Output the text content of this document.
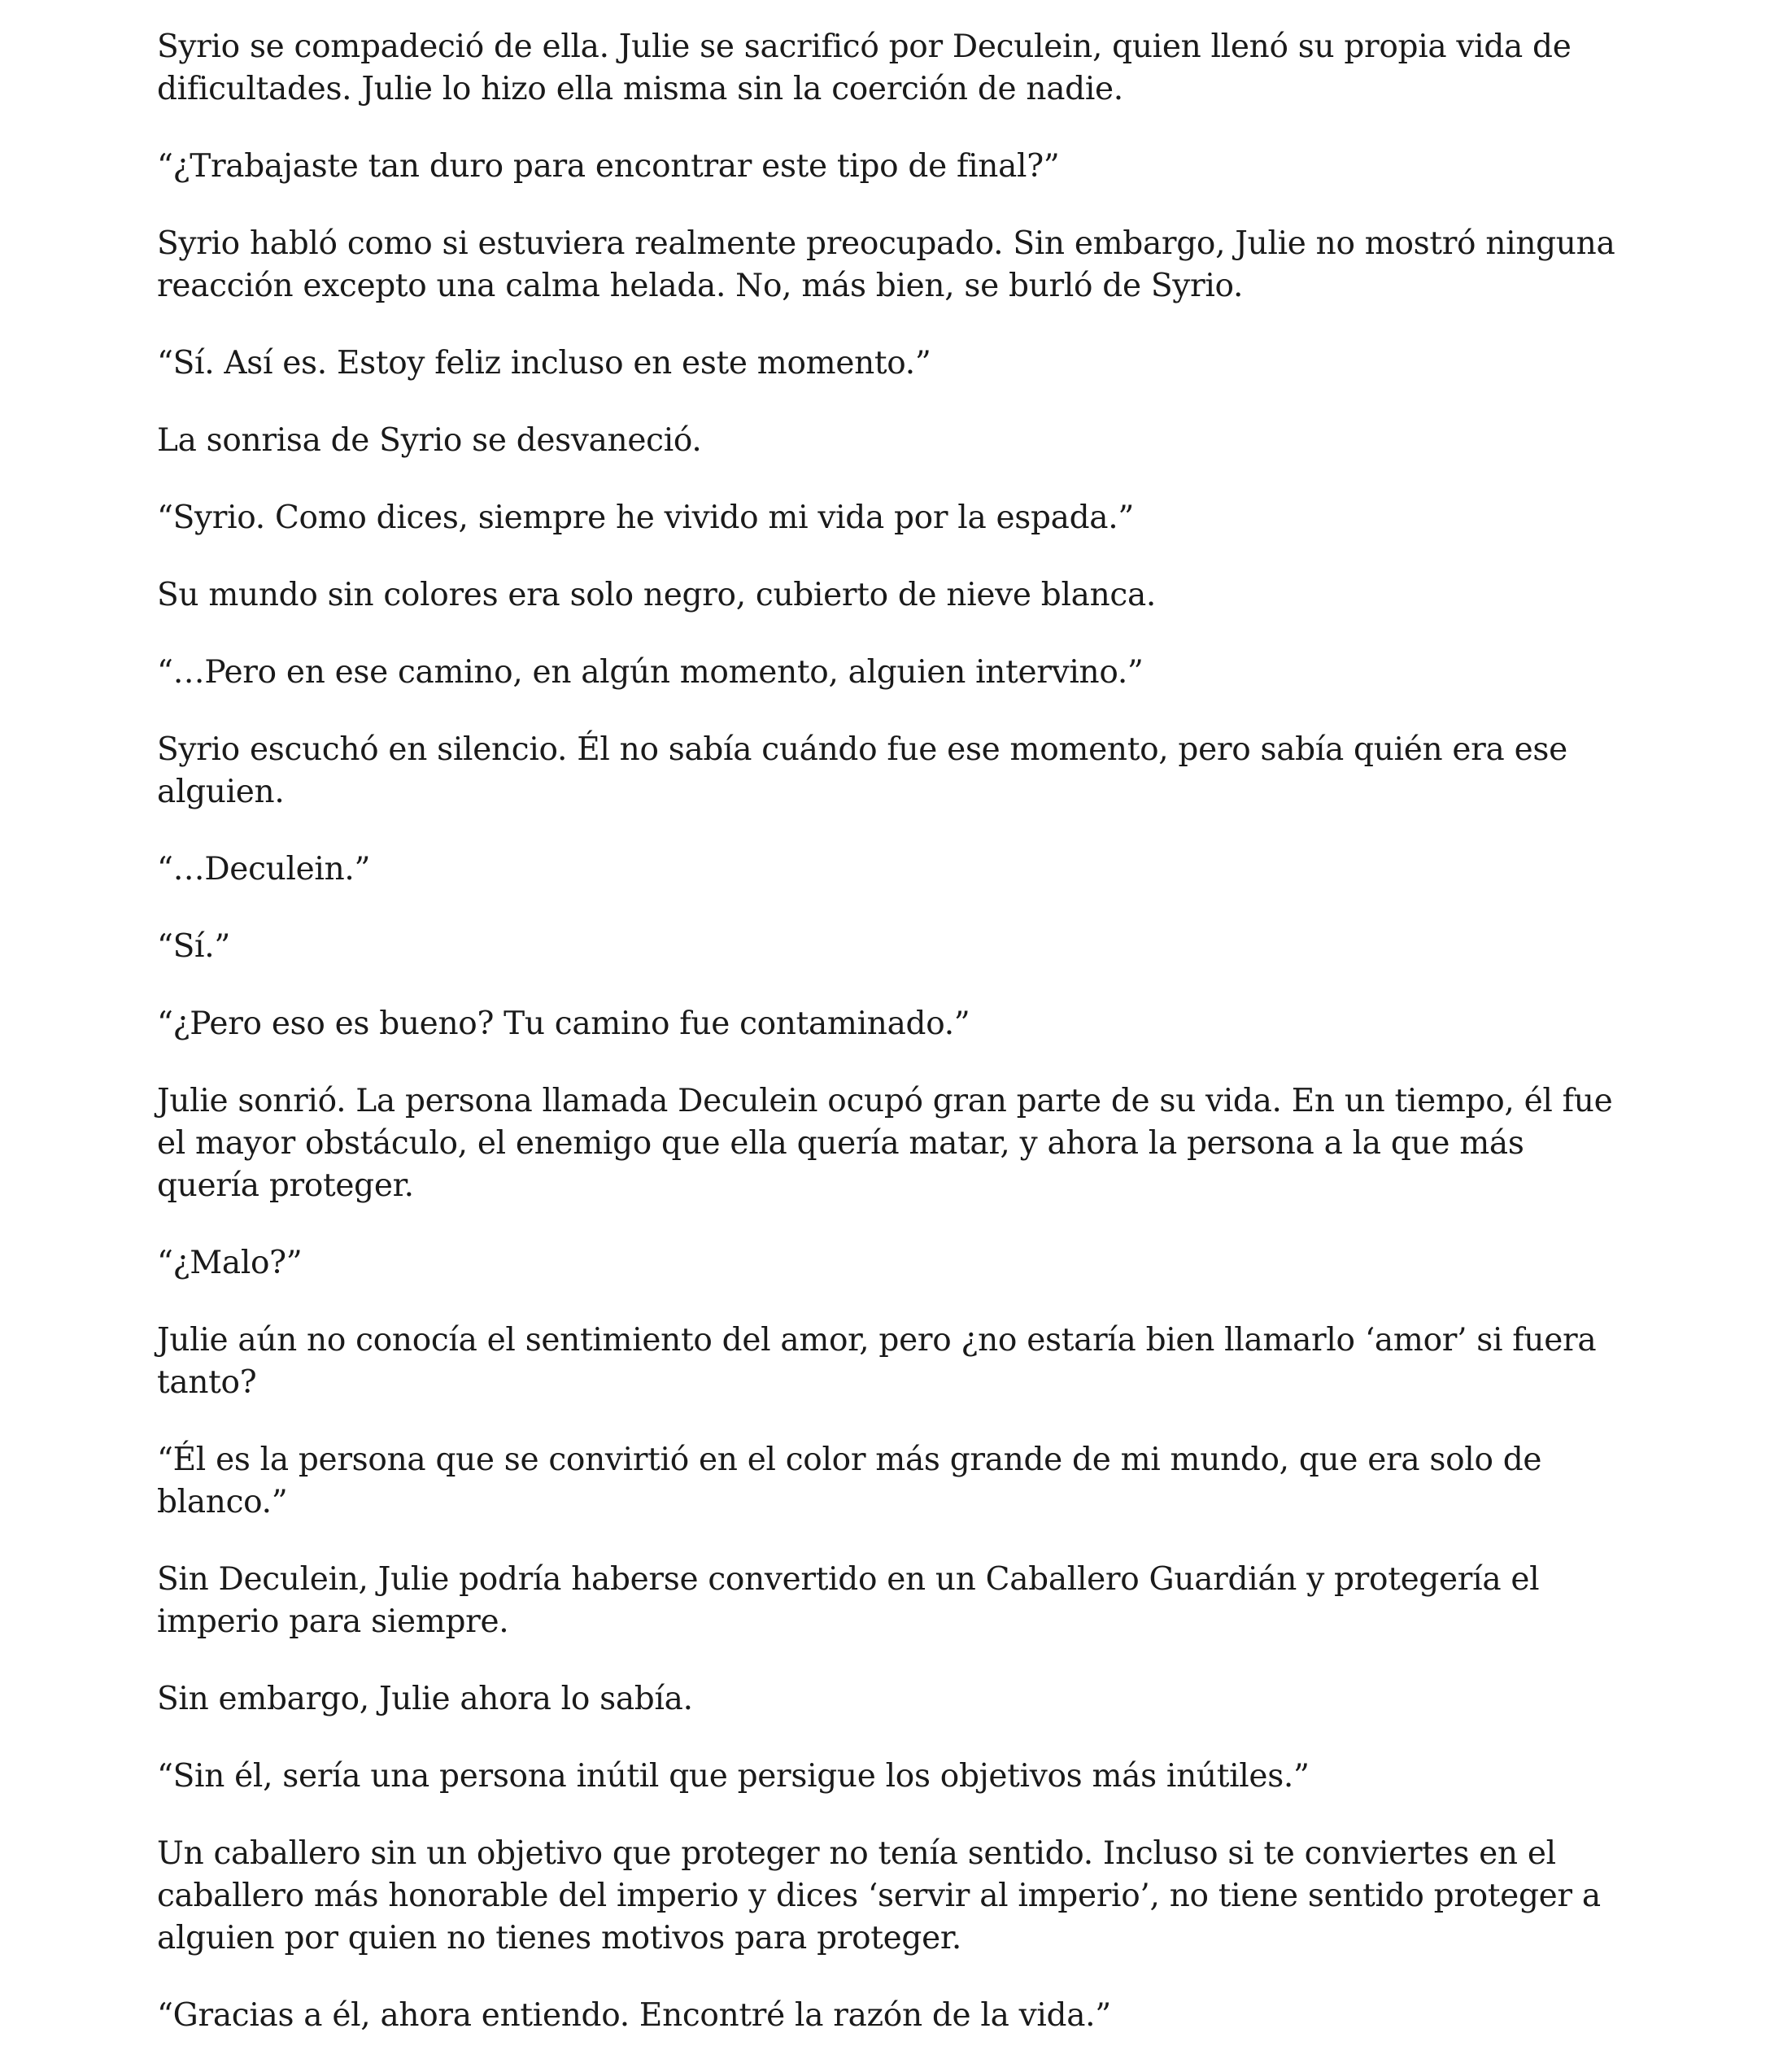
Syrio se compadeció de ella. Julie se sacrificó por Deculein, quien llenó su propia vida de dificultades. Julie lo hizo ella misma sin la coerción de nadie.

“¿Trabajaste tan duro para encontrar este tipo de final?”

Syrio habló como si estuviera realmente preocupado. Sin embargo, Julie no mostró ninguna reacción excepto una calma helada. No, más bien, se burló de Syrio.

“Sí. Así es. Estoy feliz incluso en este momento.”

La sonrisa de Syrio se desvaneció.

“Syrio. Como dices, siempre he vivido mi vida por la espada.”

Su mundo sin colores era solo negro, cubierto de nieve blanca.

“…Pero en ese camino, en algún momento, alguien intervino.”

Syrio escuchó en silencio. Él no sabía cuándo fue ese momento, pero sabía quién era ese alguien.

“…Deculein.”

“Sí.”

“¿Pero eso es bueno? Tu camino fue contaminado.”

Julie sonrió. La persona llamada Deculein ocupó gran parte de su vida. En un tiempo, él fue el mayor obstáculo, el enemigo que ella quería matar, y ahora la persona a la que más quería proteger.

“¿Malo?”

Julie aún no conocía el sentimiento del amor, pero ¿no estaría bien llamarlo ‘amor’ si fuera tanto?

“Él es la persona que se convirtió en el color más grande de mi mundo, que era solo de blanco.”

Sin Deculein, Julie podría haberse convertido en un Caballero Guardián y protegería el imperio para siempre.

Sin embargo, Julie ahora lo sabía.

“Sin él, sería una persona inútil que persigue los objetivos más inútiles.”

Un caballero sin un objetivo que proteger no tenía sentido. Incluso si te conviertes en el caballero más honorable del imperio y dices ‘servir al imperio’, no tiene sentido proteger a alguien por quien no tienes motivos para proteger.

“Gracias a él, ahora entiendo. Encontré la razón de la vida.”
